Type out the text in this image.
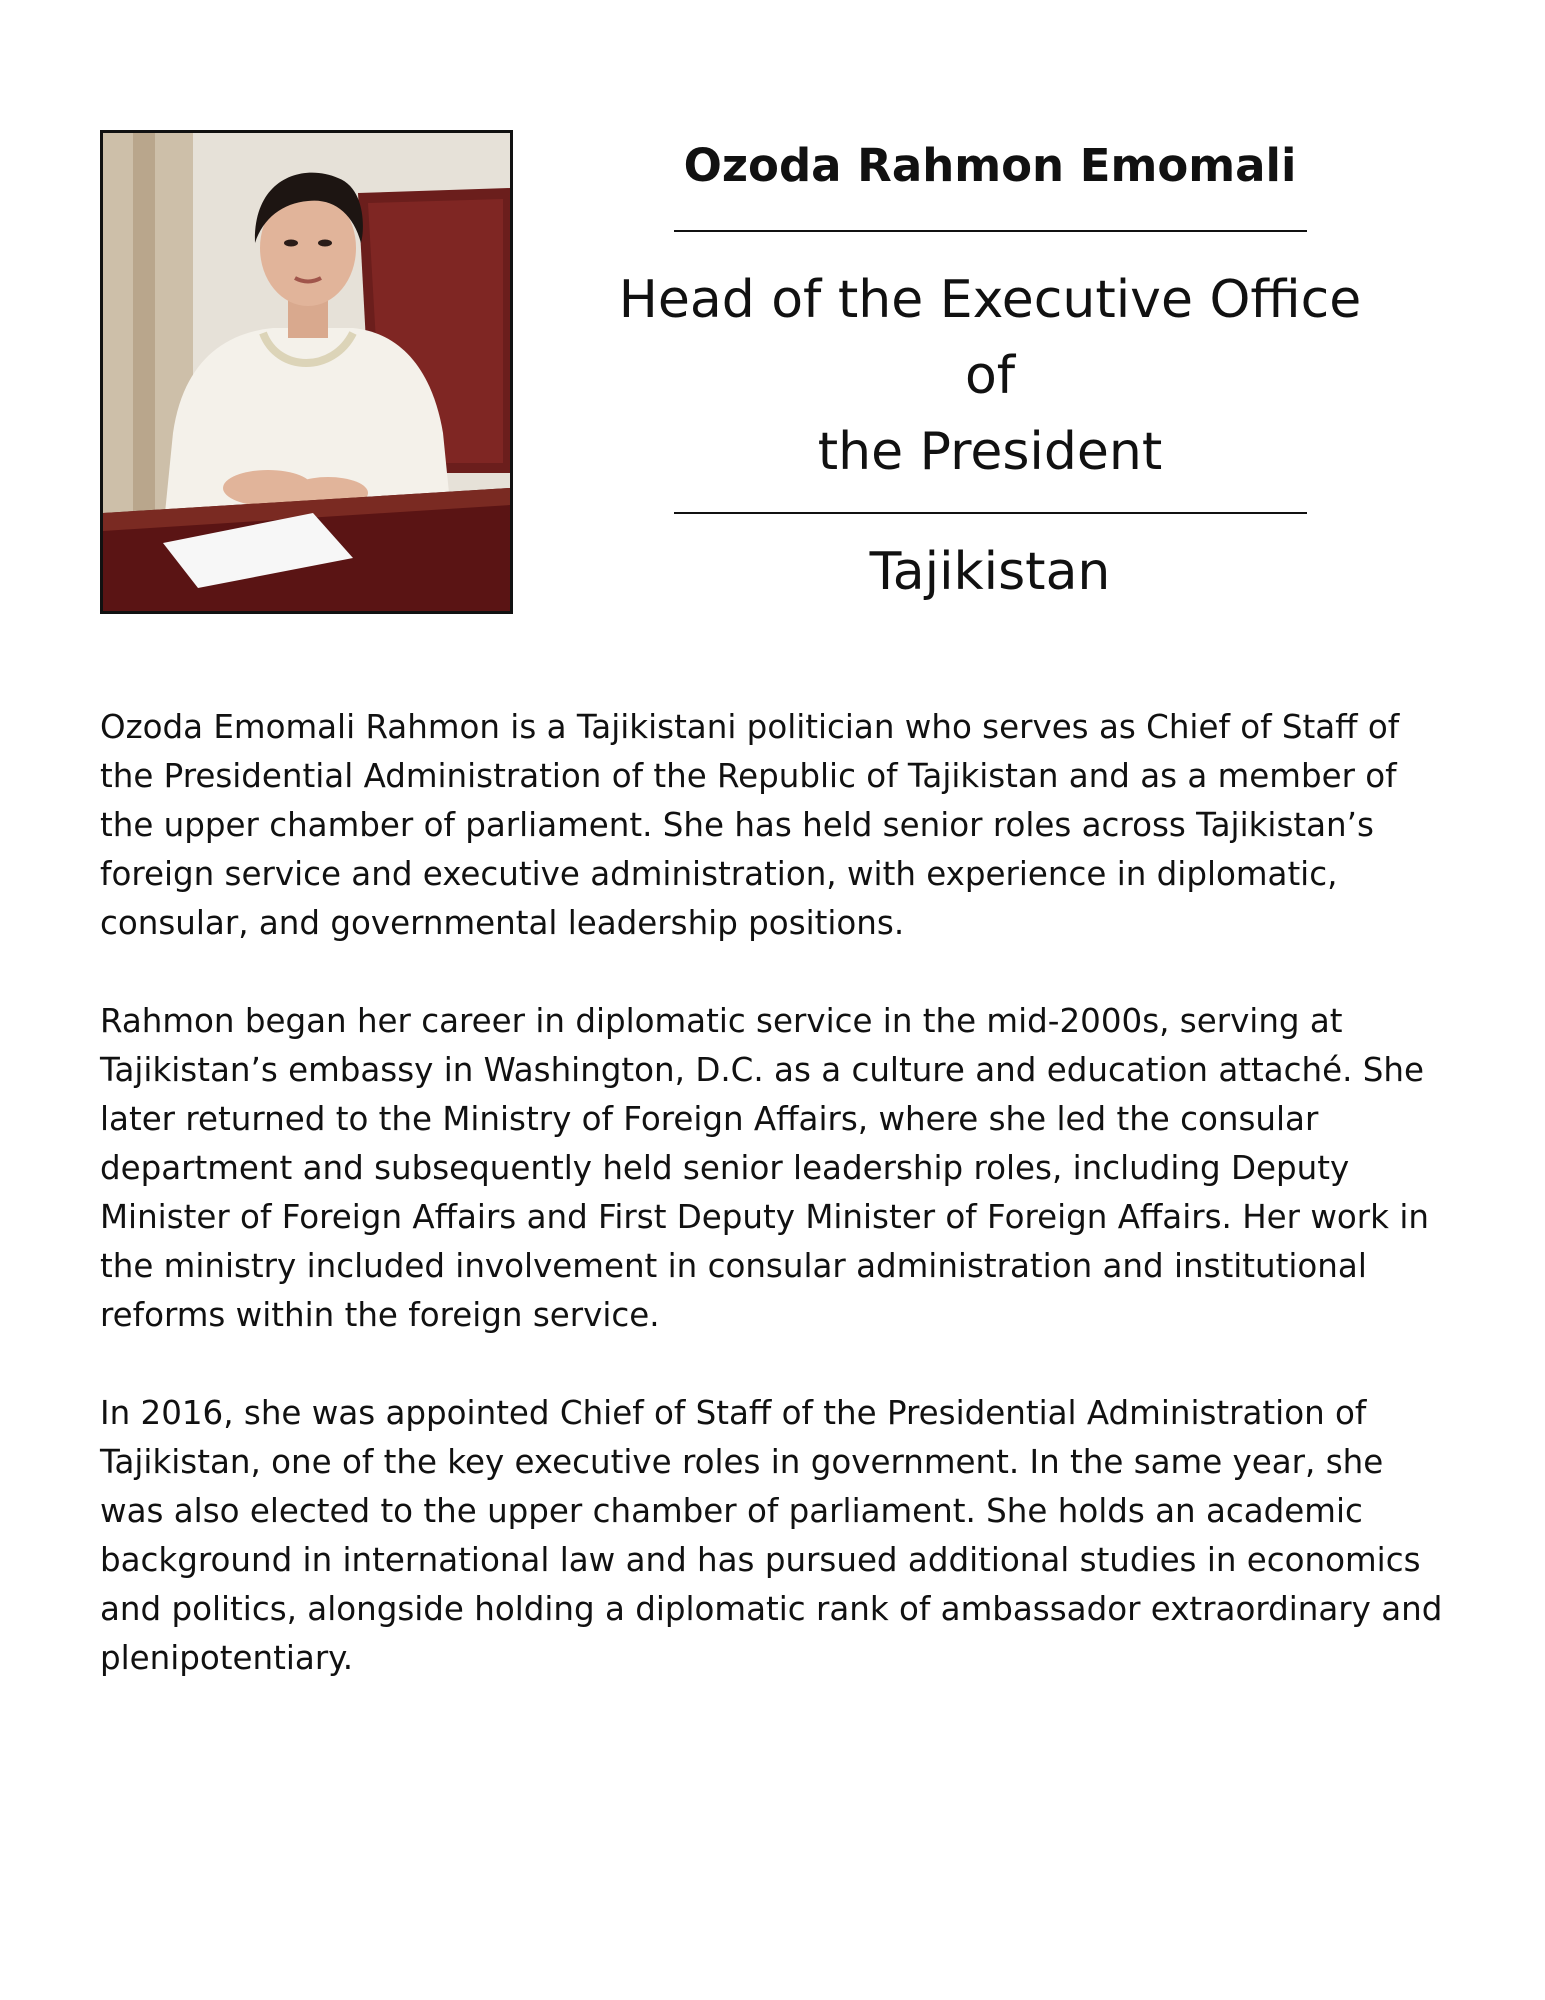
Ozoda Rahmon Emomali
Head of the Executive Office of
the President
Tajikistan

Ozoda Emomali Rahmon is a Tajikistani politician who serves as Chief of Staff of the Presidential Administration of the Republic of Tajikistan and as a member of the upper chamber of parliament. She has held senior roles across Tajikistan’s foreign service and executive administration, with experience in diplomatic, consular, and governmental leadership positions.

Rahmon began her career in diplomatic service in the mid-2000s, serving at Tajikistan’s embassy in Washington, D.C. as a culture and education attaché. She later returned to the Ministry of Foreign Affairs, where she led the consular department and subsequently held senior leadership roles, including Deputy Minister of Foreign Affairs and First Deputy Minister of Foreign Affairs. Her work in the ministry included involvement in consular administration and institutional reforms within the foreign service.

In 2016, she was appointed Chief of Staff of the Presidential Administration of Tajikistan, one of the key executive roles in government. In the same year, she was also elected to the upper chamber of parliament. She holds an academic background in international law and has pursued additional studies in economics and politics, alongside holding a diplomatic rank of ambassador extraordinary and plenipotentiary.
